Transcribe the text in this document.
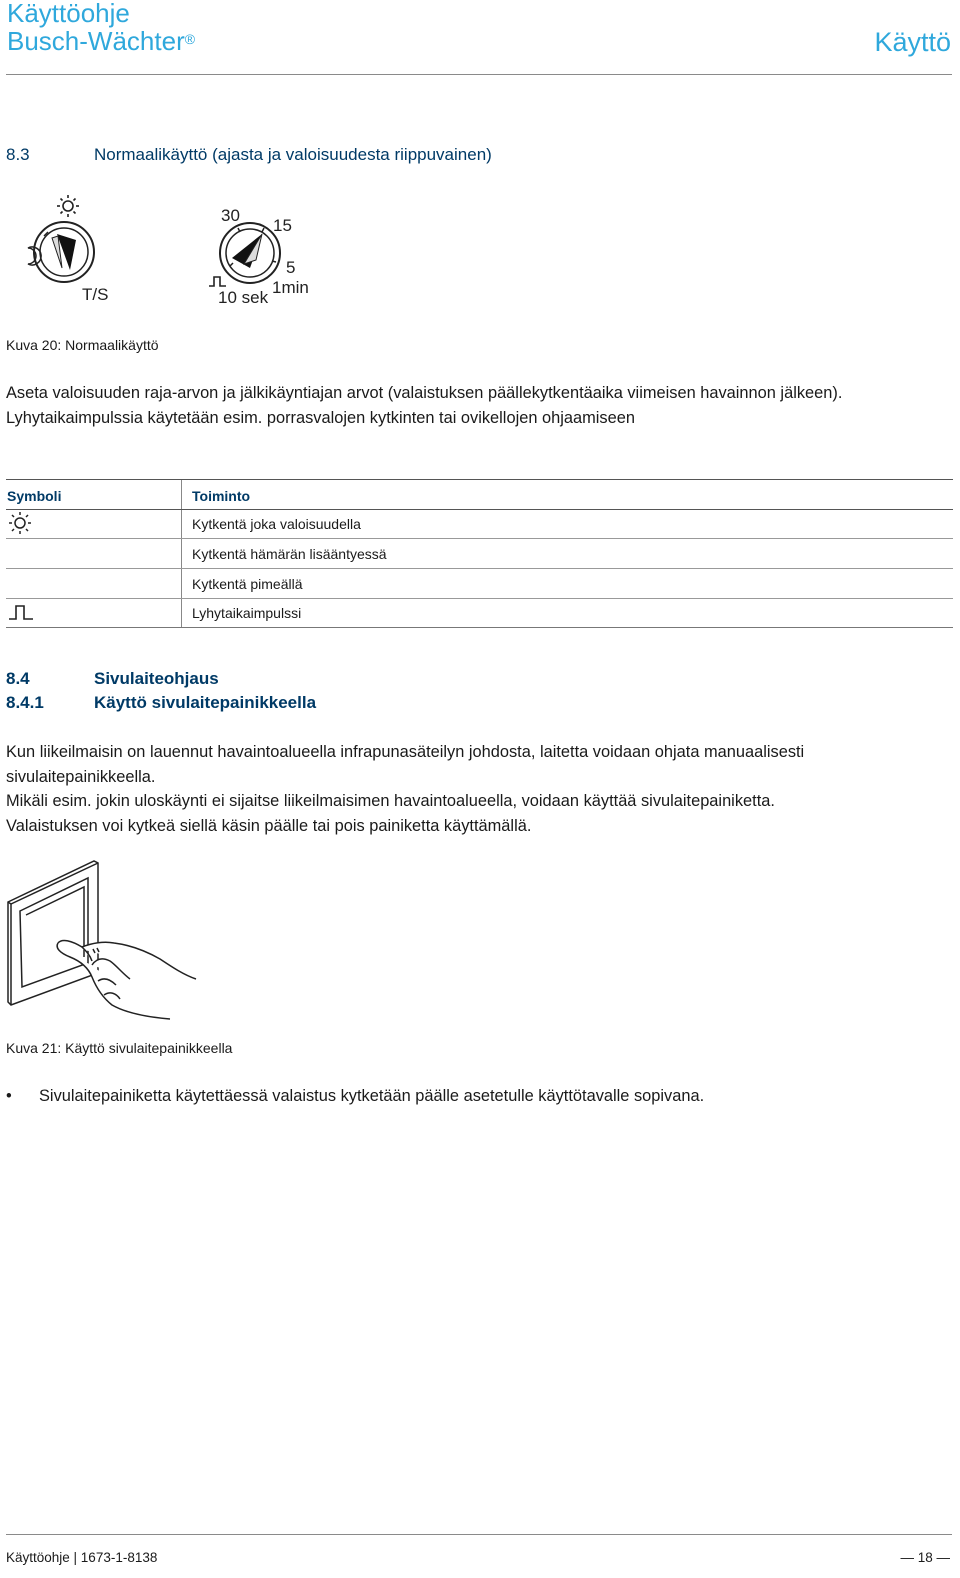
Käyttöohje
Busch-Wächter®	Käyttö
8.3	Normaalikäyttö (ajasta ja valoisuudesta riippuvainen)
T/S
30
15
5
1min
10 sek
Kuva 20: Normaalikäyttö

Aseta valoisuuden raja-arvon ja jälkikäyntiajan arvot (valaistuksen päällekytkentäaika viimeisen havainnon jälkeen).

Lyhytaikaimpulssia käytetään esim. porrasvalojen kytkinten tai ovikellojen ohjaamiseen

Symboli	Toiminto
	Kytkentä joka valoisuudella
	Kytkentä hämärän lisääntyessä
	Kytkentä pimeällä
	Lyhytaikaimpulssi
8.4	Sivulaiteohjaus
8.4.1	Käyttö sivulaitepainikkeella

Kun liikeilmaisin on lauennut havaintoalueella infrapunasäteilyn johdosta, laitetta voidaan ohjata manuaalisesti sivulaitepainikkeella.

Mikäli esim. jokin uloskäynti ei sijaitse liikeilmaisimen havaintoalueella, voidaan käyttää sivulaitepainiketta.

Valaistuksen voi kytkeä siellä käsin päälle tai pois painiketta käyttämällä.

Kuva 21: Käyttö sivulaitepainikkeella
• Sivulaitepainiketta käytettäessä valaistus kytketään päälle asetetulle käyttötavalle sopivana.
Käyttöohje | 1673-1-8138	— 18 —
